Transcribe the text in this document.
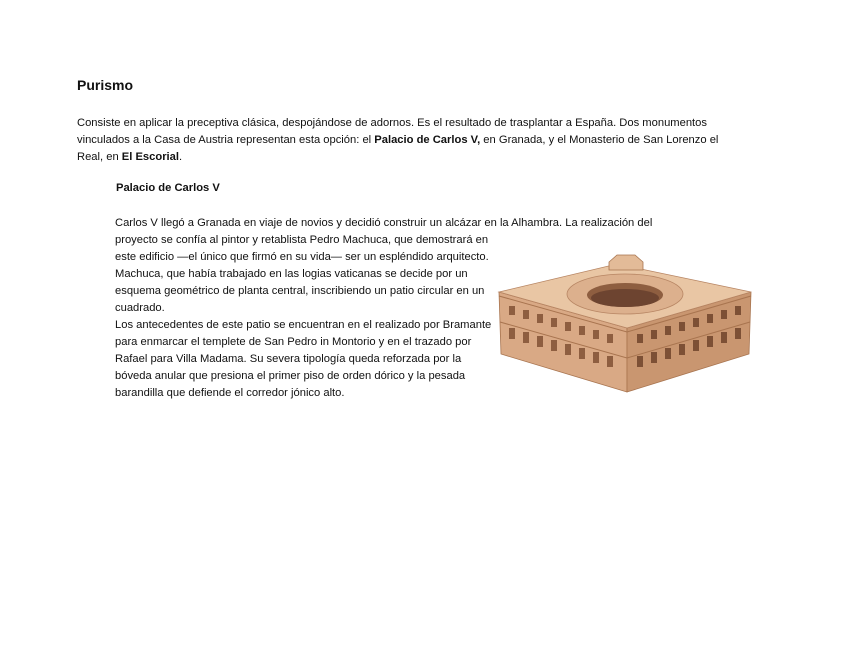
Purismo

Consiste en aplicar la preceptiva clásica, despojándose de adornos. Es el resultado de trasplantar a España. Dos monumentos vinculados a la Casa de Austria representan esta opción: el Palacio de Carlos V, en Granada, y el Monasterio de San Lorenzo el Real, en El Escorial.

Palacio de Carlos V

Carlos V llegó a Granada en viaje de novios y decidió construir un alcázar en la Alhambra. La realización del

proyecto se confía al pintor y retablista Pedro Machuca, que demostrará en este edificio —el único que firmó en su vida— ser un espléndido arquitecto.
Machuca, que había trabajado en las logias vaticanas se decide por un esquema geométrico de planta central, inscribiendo un patio circular en un cuadrado.
Los antecedentes de este patio se encuentran en el realizado por Bramante para enmarcar el templete de San Pedro in Montorio y en el trazado por Rafael para Villa Madama. Su severa tipología queda reforzada por la bóveda anular que presiona el primer piso de orden dórico y la pesada barandilla que defiende el corredor jónico alto.
